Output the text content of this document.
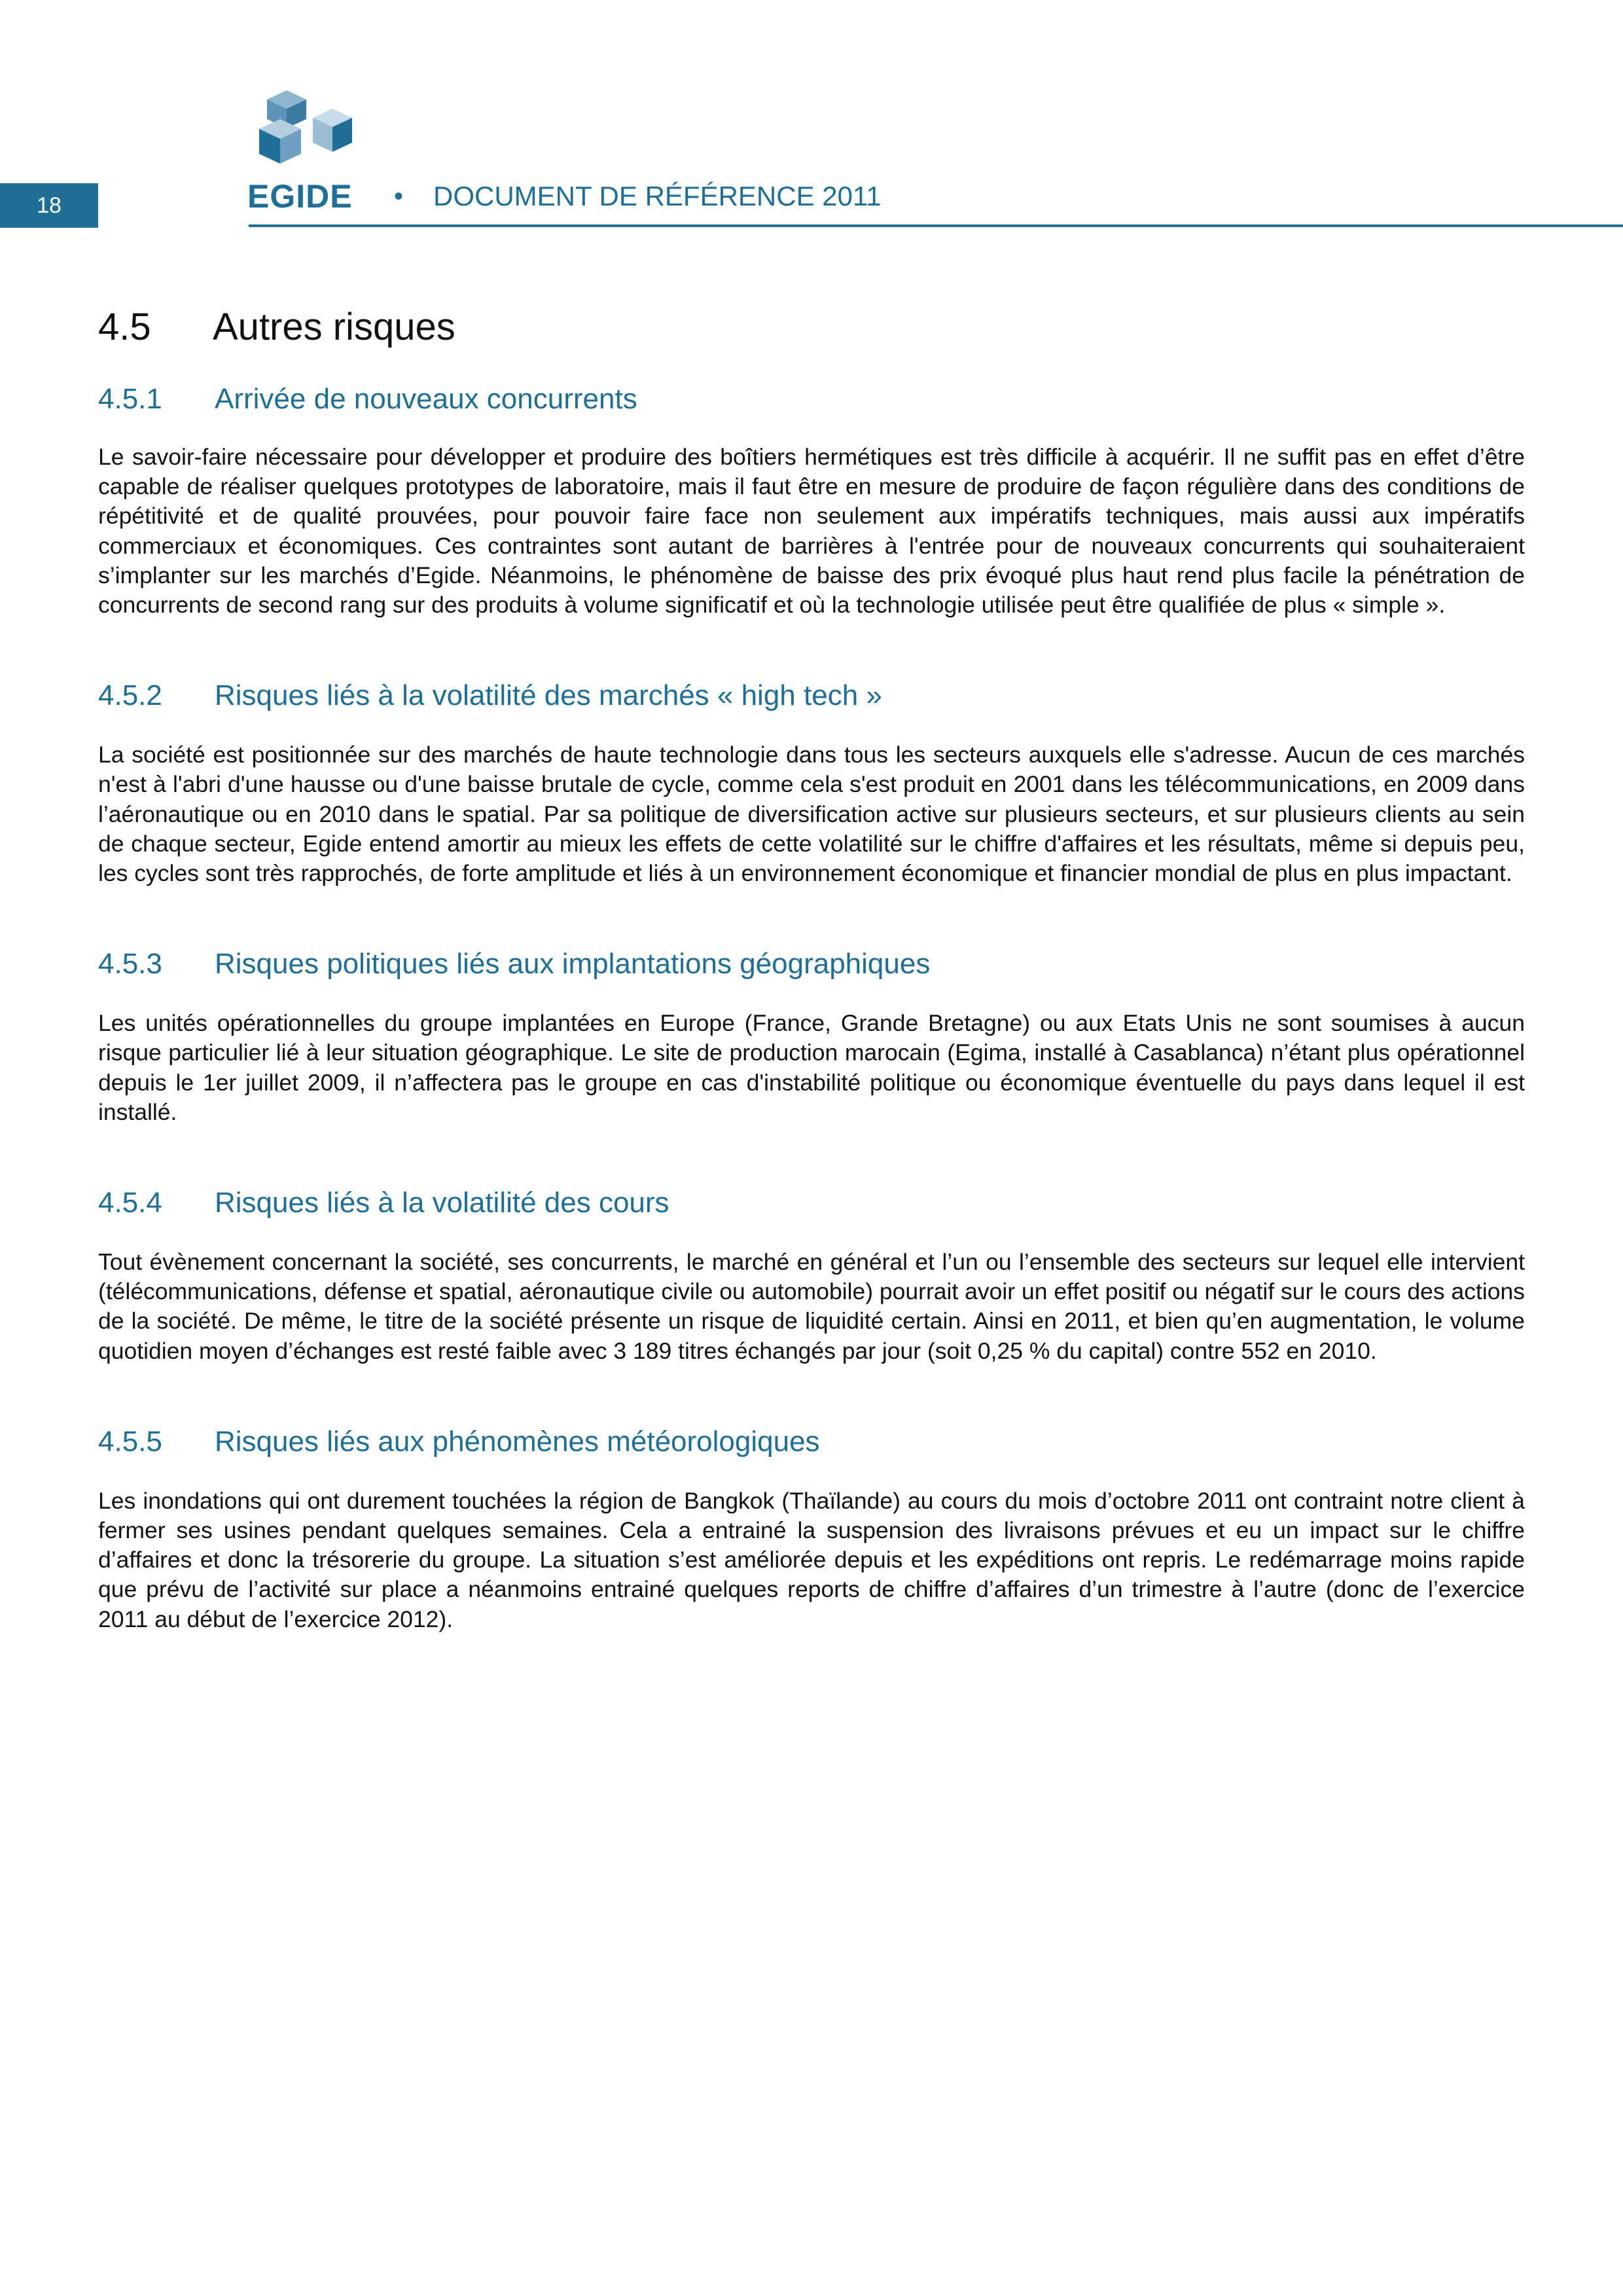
18	EGIDE	• DOCUMENT DE RÉFÉRENCE 2011
4.5 Autres risques
4.5.1 Arrivée de nouveaux concurrents

Le savoir-faire nécessaire pour développer et produire des boîtiers hermétiques est très difficile à acquérir. Il ne suffit pas en effet d’être capable de réaliser quelques prototypes de laboratoire, mais il faut être en mesure de produire de façon régulière dans des conditions de répétitivité et de qualité prouvées, pour pouvoir faire face non seulement aux impératifs techniques, mais aussi aux impératifs commerciaux et économiques. Ces contraintes sont autant de barrières à l'entrée pour de nouveaux concurrents qui souhaiteraient s’implanter sur les marchés d’Egide. Néanmoins, le phénomène de baisse des prix évoqué plus haut rend plus facile la pénétration de concurrents de second rang sur des produits à volume significatif et où la technologie utilisée peut être qualifiée de plus « simple ».

4.5.2 Risques liés à la volatilité des marchés « high tech »

La société est positionnée sur des marchés de haute technologie dans tous les secteurs auxquels elle s'adresse. Aucun de ces marchés n'est à l'abri d'une hausse ou d'une baisse brutale de cycle, comme cela s'est produit en 2001 dans les télécommunications, en 2009 dans l’aéronautique ou en 2010 dans le spatial. Par sa politique de diversification active sur plusieurs secteurs, et sur plusieurs clients au sein de chaque secteur, Egide entend amortir au mieux les effets de cette volatilité sur le chiffre d'affaires et les résultats, même si depuis peu, les cycles sont très rapprochés, de forte amplitude et liés à un environnement économique et financier mondial de plus en plus impactant.

4.5.3 Risques politiques liés aux implantations géographiques

Les unités opérationnelles du groupe implantées en Europe (France, Grande Bretagne) ou aux Etats Unis ne sont soumises à aucun risque particulier lié à leur situation géographique. Le site de production marocain (Egima, installé à Casablanca) n’étant plus opérationnel depuis le 1er juillet 2009, il n’affectera pas le groupe en cas d'instabilité politique ou économique éventuelle du pays dans lequel il est installé.

4.5.4 Risques liés à la volatilité des cours

Tout évènement concernant la société, ses concurrents, le marché en général et l’un ou l’ensemble des secteurs sur lequel elle intervient (télécommunications, défense et spatial, aéronautique civile ou automobile) pourrait avoir un effet positif ou négatif sur le cours des actions de la société. De même, le titre de la société présente un risque de liquidité certain. Ainsi en 2011, et bien qu’en augmentation, le volume quotidien moyen d’échanges est resté faible avec 3 189 titres échangés par jour (soit 0,25 % du capital) contre 552 en 2010.

4.5.5 Risques liés aux phénomènes météorologiques

Les inondations qui ont durement touchées la région de Bangkok (Thaïlande) au cours du mois d’octobre 2011 ont contraint notre client à fermer ses usines pendant quelques semaines. Cela a entrainé la suspension des livraisons prévues et eu un impact sur le chiffre d’affaires et donc la trésorerie du groupe. La situation s’est améliorée depuis et les expéditions ont repris. Le redémarrage moins rapide que prévu de l’activité sur place a néanmoins entrainé quelques reports de chiffre d’affaires d’un trimestre à l’autre (donc de l’exercice 2011 au début de l’exercice 2012).
